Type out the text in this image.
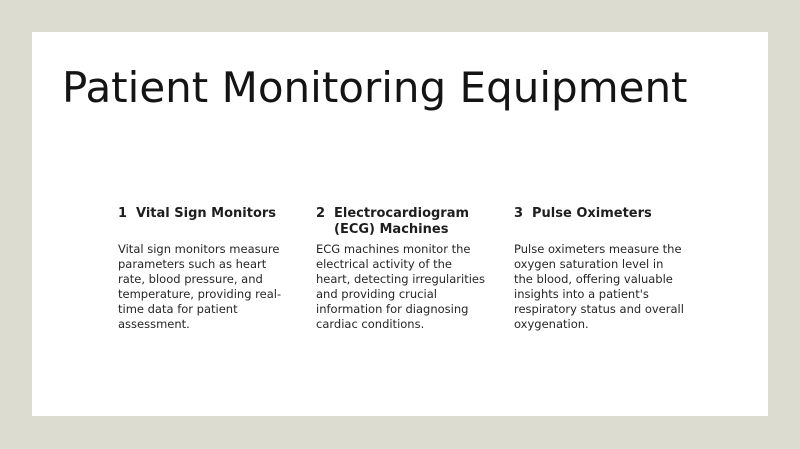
Patient Monitoring Equipment
1 Vital Sign Monitors

Vital sign monitors measure parameters such as heart rate, blood pressure, and temperature, providing real-time data for patient assessment.

2 Electrocardiogram (ECG) Machines

ECG machines monitor the electrical activity of the heart, detecting irregularities and providing crucial information for diagnosing cardiac conditions.

3 Pulse Oximeters

Pulse oximeters measure the oxygen saturation level in the blood, offering valuable insights into a patient's respiratory status and overall oxygenation.
